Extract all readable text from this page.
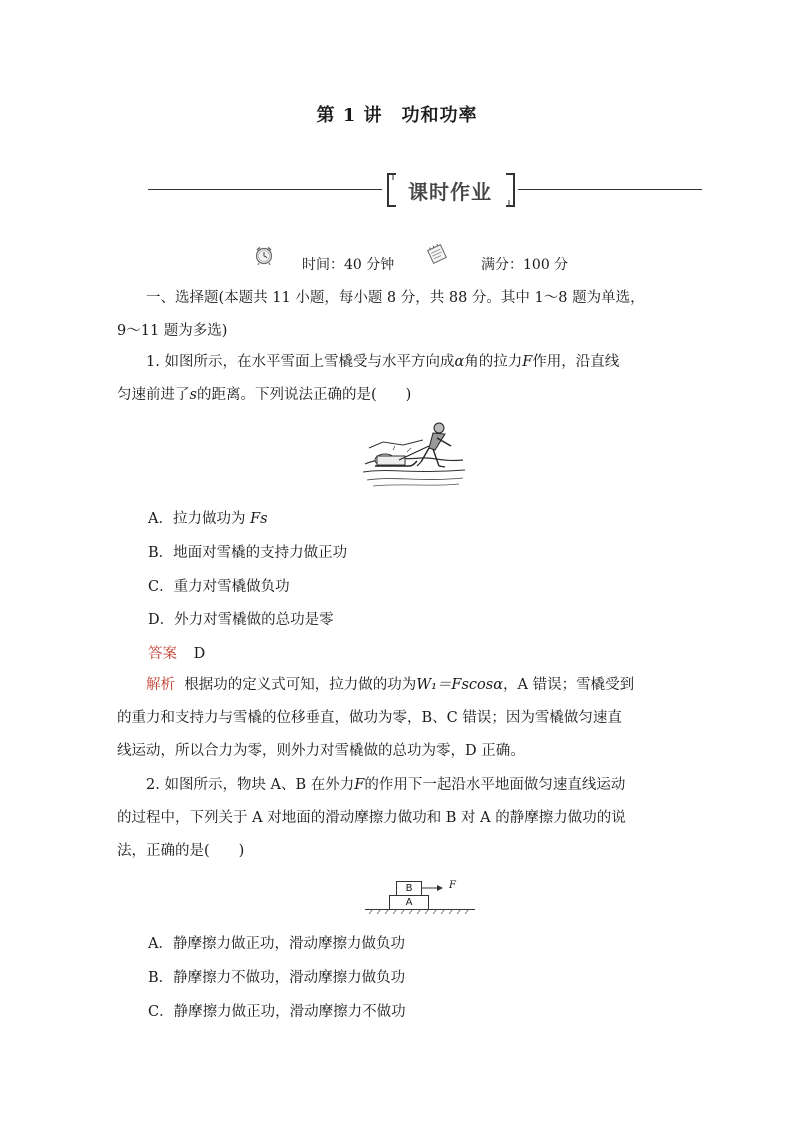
第 1 讲　功和功率
课时作业
时间：40 分钟	满分：100 分
一、选择题(本题共 11 小题，每小题 8 分，共 88 分。其中 1～8 题为单选，
9～11 题为多选)
1. 如图所示，在水平雪面上雪橇受与水平方向成α角的拉力F作用，沿直线
匀速前进了s的距离。下列说法正确的是(　　)
A．拉力做功为 Fs
B．地面对雪橇的支持力做正功
C．重力对雪橇做负功
D．外力对雪橇做的总功是零
答案 D
解析 根据功的定义式可知，拉力做的功为W₁＝Fscosα，A 错误；雪橇受到
的重力和支持力与雪橇的位移垂直，做功为零，B、C 错误；因为雪橇做匀速直
线运动，所以合力为零，则外力对雪橇做的总功为零，D 正确。
2. 如图所示，物块 A、B 在外力F的作用下一起沿水平地面做匀速直线运动
的过程中，下列关于 A 对地面的滑动摩擦力做功和 B 对 A 的静摩擦力做功的说
法，正确的是(　　)
B
A
F
A．静摩擦力做正功，滑动摩擦力做负功
B．静摩擦力不做功，滑动摩擦力做负功
C．静摩擦力做正功，滑动摩擦力不做功
